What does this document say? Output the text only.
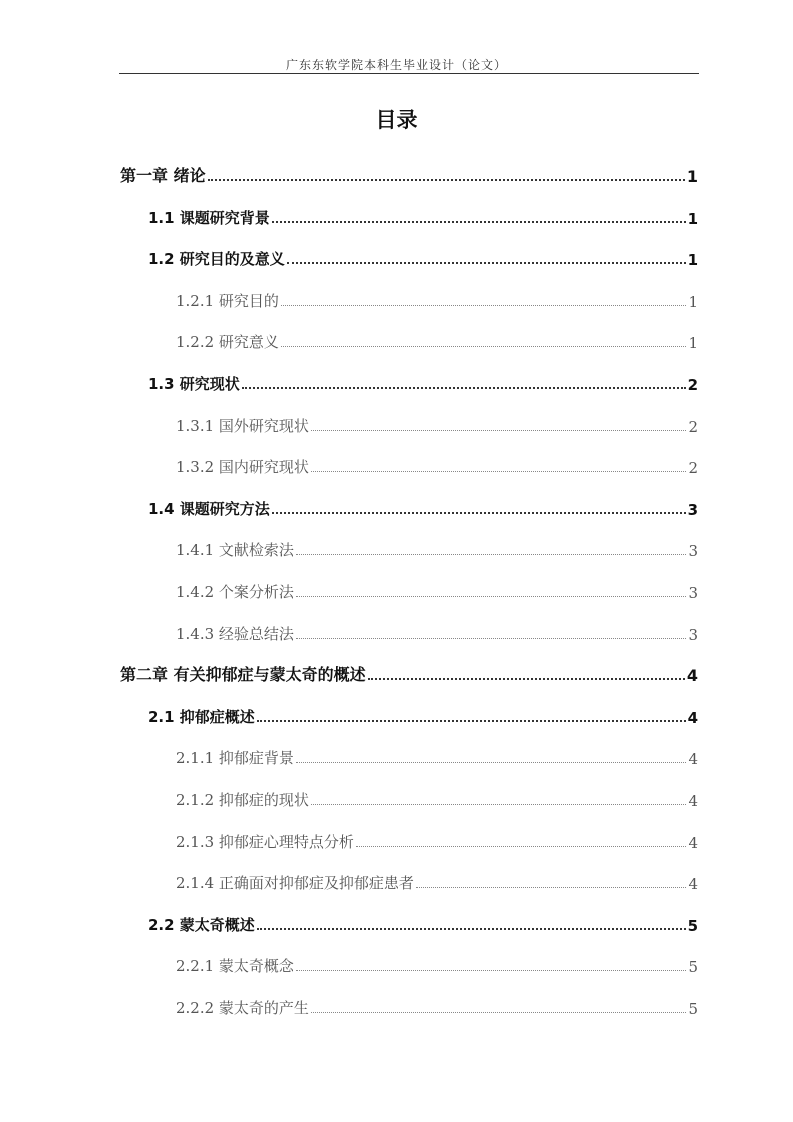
广东东软学院本科生毕业设计（论文）
目录
第一章 绪论	1
1.1 课题研究背景	1
1.2 研究目的及意义	1
1.2.1 研究目的	1
1.2.2 研究意义	1
1.3 研究现状	2
1.3.1 国外研究现状	2
1.3.2 国内研究现状	2
1.4 课题研究方法	3
1.4.1 文献检索法	3
1.4.2 个案分析法	3
1.4.3 经验总结法	3
第二章 有关抑郁症与蒙太奇的概述	4
2.1 抑郁症概述	4
2.1.1 抑郁症背景	4
2.1.2 抑郁症的现状	4
2.1.3 抑郁症心理特点分析	4
2.1.4 正确面对抑郁症及抑郁症患者	4
2.2 蒙太奇概述	5
2.2.1 蒙太奇概念	5
2.2.2 蒙太奇的产生	5
